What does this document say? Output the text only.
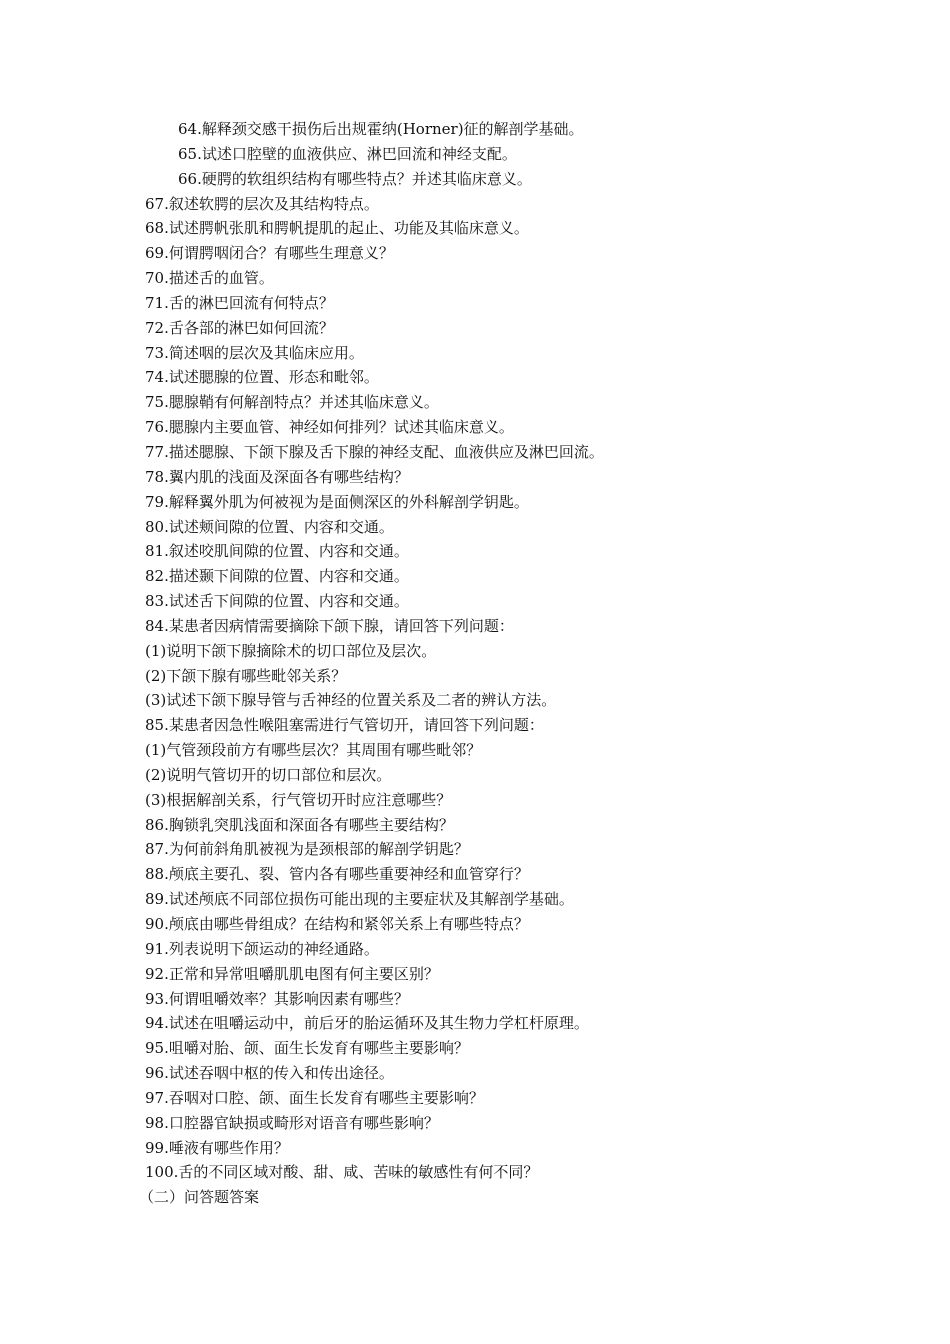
64.解释颈交感干损伤后出规霍纳(Horner)征的解剖学基础。
65.试述口腔壁的血液供应、淋巴回流和神经支配。
66.硬腭的软组织结构有哪些特点？并述其临床意义。
67.叙述软腭的层次及其结构特点。
68.试述腭帆张肌和腭帆提肌的起止、功能及其临床意义。
69.何谓腭咽闭合？有哪些生理意义？
70.描述舌的血管。
71.舌的淋巴回流有何特点？
72.舌各部的淋巴如何回流？
73.简述咽的层次及其临床应用。
74.试述腮腺的位置、形态和毗邻。
75.腮腺鞘有何解剖特点？并述其临床意义。
76.腮腺内主要血管、神经如何排列？试述其临床意义。
77.描述腮腺、下颌下腺及舌下腺的神经支配、血液供应及淋巴回流。
78.翼内肌的浅面及深面各有哪些结构？
79.解释翼外肌为何被视为是面侧深区的外科解剖学钥匙。
80.试述颊间隙的位置、内容和交通。
81.叙述咬肌间隙的位置、内容和交通。
82.描述颞下间隙的位置、内容和交通。
83.试述舌下间隙的位置、内容和交通。
84.某患者因病情需要摘除下颌下腺，请回答下列问题：
(1)说明下颌下腺摘除术的切口部位及层次。
(2)下颌下腺有哪些毗邻关系？
(3)试述下颌下腺导管与舌神经的位置关系及二者的辨认方法。
85.某患者因急性喉阻塞需进行气管切开，请回答下列问题：
(1)气管颈段前方有哪些层次？其周围有哪些毗邻？
(2)说明气管切开的切口部位和层次。
(3)根据解剖关系，行气管切开时应注意哪些？
86.胸锁乳突肌浅面和深面各有哪些主要结构？
87.为何前斜角肌被视为是颈根部的解剖学钥匙？
88.颅底主要孔、裂、管内各有哪些重要神经和血管穿行？
89.试述颅底不同部位损伤可能出现的主要症状及其解剖学基础。
90.颅底由哪些骨组成？在结构和紧邻关系上有哪些特点？
91.列表说明下颌运动的神经通路。
92.正常和异常咀嚼肌肌电图有何主要区别？
93.何谓咀嚼效率？其影响因素有哪些？
94.试述在咀嚼运动中，前后牙的胎运循环及其生物力学杠杆原理。
95.咀嚼对胎、颌、面生长发育有哪些主要影响？
96.试述吞咽中枢的传入和传出途径。
97.吞咽对口腔、颌、面生长发育有哪些主要影响？
98.口腔器官缺损或畸形对语音有哪些影响？
99.唾液有哪些作用？
100.舌的不同区域对酸、甜、咸、苦味的敏感性有何不同？
（二）问答题答案
